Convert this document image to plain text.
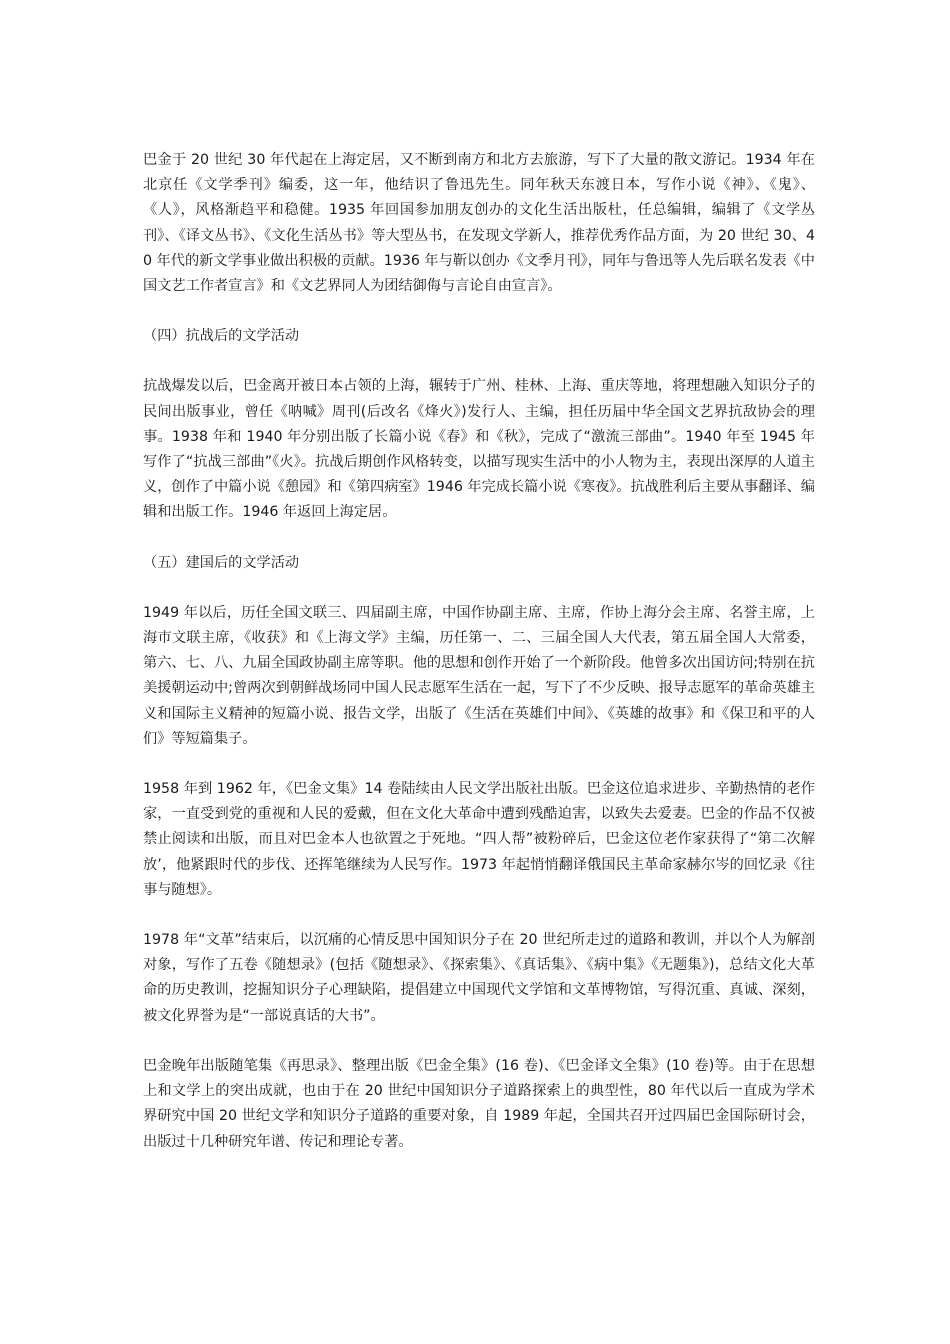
巴金于 20 世纪 30 年代起在上海定居，又不断到南方和北方去旅游，写下了大量的散文游记。1934 年在北京任《文学季刊》编委，这一年，他结识了鲁迅先生。同年秋天东渡日本，写作小说《神》、《鬼》、《人》，风格渐趋平和稳健。1935 年回国参加朋友创办的文化生活出版杜，任总编辑，编辑了《文学丛刊》、《译文丛书》、《文化生活丛书》等大型丛书，在发现文学新人，推荐优秀作品方面，为 20 世纪 30、40 年代的新文学事业做出积极的贡献。1936 年与靳以创办《文季月刊》，同年与鲁迅等人先后联名发表《中国文艺工作者宣言》和《文艺界同人为团结御侮与言论自由宣言》。

（四）抗战后的文学活动

抗战爆发以后，巴金离开被日本占领的上海，辗转于广州、桂林、上海、重庆等地，将理想融入知识分子的民间出版事业，曾任《呐喊》周刊(后改名《烽火》)发行人、主编，担任历届中华全国文艺界抗敌协会的理事。1938 年和 1940 年分别出版了长篇小说《春》和《秋》，完成了“激流三部曲”。1940 年至 1945 年写作了“抗战三部曲”《火》。抗战后期创作风格转变，以描写现实生活中的小人物为主，表现出深厚的人道主义，创作了中篇小说《憩园》和《第四病室》1946 年完成长篇小说《寒夜》。抗战胜利后主要从事翻译、编辑和出版工作。1946 年返回上海定居。

（五）建国后的文学活动

1949 年以后，历任全国文联三、四届副主席，中国作协副主席、主席，作协上海分会主席、名誉主席，上海市文联主席，《收获》和《上海文学》主编，历任第一、二、三届全国人大代表，第五届全国人大常委，第六、七、八、九届全国政协副主席等职。他的思想和创作开始了一个新阶段。他曾多次出国访问;特别在抗美援朝运动中;曾两次到朝鲜战场同中国人民志愿军生活在一起，写下了不少反映、报导志愿军的革命英雄主义和国际主义精神的短篇小说、报告文学，出版了《生活在英雄们中间》、《英雄的故事》和《保卫和平的人们》等短篇集子。

1958 年到 1962 年，《巴金文集》14 卷陆续由人民文学出版社出版。巴金这位追求进步、辛勤热情的老作家，一直受到党的重视和人民的爱戴，但在文化大革命中遭到残酷迫害，以致失去爱妻。巴金的作品不仅被禁止阅读和出版，而且对巴金本人也欲置之于死地。“四人帮”被粉碎后，巴金这位老作家获得了“第二次解放’，他紧跟时代的步伐、还挥笔继续为人民写作。1973 年起悄悄翻译俄国民主革命家赫尔岑的回忆录《往事与随想》。

1978 年“文革”结束后，以沉痛的心情反思中国知识分子在 20 世纪所走过的道路和教训，并以个人为解剖对象，写作了五卷《随想录》(包括《随想录》、《探索集》、《真话集》、《病中集》《无题集》)，总结文化大革命的历史教训，挖掘知识分子心理缺陷，提倡建立中国现代文学馆和文革博物馆，写得沉重、真诚、深刻，被文化界誉为是“一部说真话的大书”。

巴金晚年出版随笔集《再思录》、整理出版《巴金全集》(16 卷)、《巴金译文全集》(10 卷)等。由于在思想上和文学上的突出成就，也由于在 20 世纪中国知识分子道路探索上的典型性，80 年代以后一直成为学术界研究中国 20 世纪文学和知识分子道路的重要对象，自 1989 年起，全国共召开过四届巴金国际研讨会，出版过十几种研究年谱、传记和理论专著。
